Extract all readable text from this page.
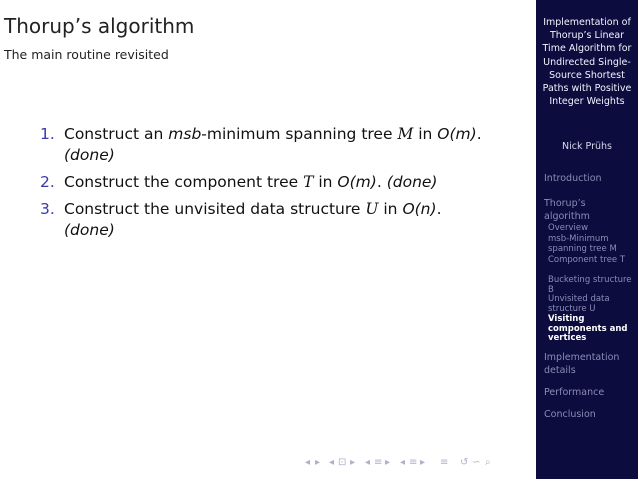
Thorup’s algorithm
The main routine revisited
1. Construct an msb-minimum spanning tree M in O(m).
(done)
2. Construct the component tree T in O(m). (done)
3. Construct the unvisited data structure U in O(n).
(done)
Implementation of Thorup’s Linear Time Algorithm for Undirected Single-Source Shortest Paths with Positive Integer Weights
Nick Prühs
Introduction
Thorup’s algorithm
Overview
msb-Minimum spanning tree M
Component tree T
Bucketing structure B
Unvisited data structure U
Visiting components and vertices
Implementation details
Performance
Conclusion
◂ ▸ ◂ ⊡ ▸ ◂ ≡ ▸ ◂ ≡ ▸ ≡ ↺ ∽ ⌕
